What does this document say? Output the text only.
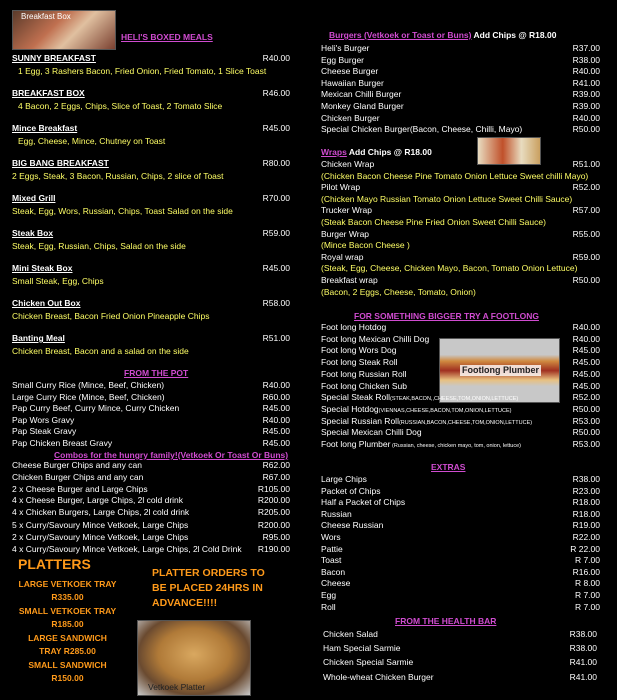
Breakfast Box
HELI'S BOXED MEALS
SUNNY BREAKFAST	R40.00
1 Egg, 3 Rashers Bacon, Fried Onion, Fried Tomato, 1 Slice Toast
BREAKFAST BOX	R46.00
4 Bacon, 2 Eggs, Chips, Slice of Toast, 2 Tomato Slice
Mince Breakfast	R45.00
Egg, Cheese, Mince, Chutney on Toast
BIG BANG BREAKFAST	R80.00
2 Eggs, Steak, 3 Bacon, Russian, Chips, 2 slice of Toast
Mixed Grill	R70.00
Steak, Egg, Wors, Russian, Chips, Toast Salad on the side
Steak Box	R59.00
Steak, Egg, Russian, Chips, Salad on the side
Mini Steak Box	R45.00
Small Steak, Egg, Chips
Chicken Out Box	R58.00
Chicken Breast, Bacon Fried Onion Pineapple Chips
Banting Meal	R51.00
Chicken Breast, Bacon and a salad on the side
FROM THE POT
Small Curry Rice (Mince, Beef, Chicken)	R40.00
Large Curry Rice (Mince, Beef, Chicken)	R60.00
Pap Curry Beef, Curry Mince, Curry Chicken	R45.00
Pap Wors Gravy	R40.00
Pap Steak Gravy	R45.00
Pap Chicken Breast Gravy	R45.00
Combos for the hungry family!(Vetkoek Or Toast Or Buns)
Cheese Burger Chips and any can	R62.00
Chicken Burger Chips and any can	R67.00
2 x Cheese Burger and Large Chips	R105.00
4 x Cheese Burger, Large Chips, 2l cold drink	R200.00
4 x Chicken Burgers, Large Chips, 2l cold drink	R205.00
5 x Curry/Savoury Mince Vetkoek, Large Chips	R200.00
2 x Curry/Savoury Mince Vetkoek, Large Chips	R95.00
4 x Curry/Savoury Mince Vetkoek, Large Chips, 2l Cold Drink R190.00
PLATTERS
LARGE VETKOEK TRAY
R335.00
SMALL VETKOEK TRAY
R185.00
LARGE SANDWICH
TRAY R285.00
SMALL SANDWICH
R150.00
PLATTER ORDERS TO
BE PLACED 24HRS IN
ADVANCE!!!!
Vetkoek Platter
Burgers (Vetkoek or Toast or Buns) Add Chips @ R18.00
Heli's Burger	R37.00
Egg Burger	R38.00
Cheese Burger	R40.00
Hawaiian Burger	R41.00
Mexican Chilli Burger	R39.00
Monkey Gland Burger	R39.00
Chicken Burger	R40.00
Special Chicken Burger(Bacon, Cheese, Chilli, Mayo)	R50.00
Wraps Add Chips @ R18.00
Chicken Wrap	R51.00
(Chicken Bacon Cheese Pine Tomato Onion Lettuce Sweet chilli Mayo)
Pilot Wrap	R52.00
(Chicken Mayo Russian Tomato Onion Lettuce Sweet Chilli Sauce)
Trucker Wrap	R57.00
(Steak Bacon Cheese Pine Fried Onion Sweet Chilli Sauce)
Burger Wrap	R55.00
(Mince Bacon Cheese )
Royal wrap	R59.00
(Steak, Egg, Cheese, Chicken Mayo, Bacon, Tomato Onion Lettuce)
Breakfast wrap	R50.00
(Bacon, 2 Eggs, Cheese, Tomato, Onion)
FOR SOMETHING BIGGER TRY A FOOTLONG
Footlong Plumber
Foot long Hotdog	R40.00
Foot long Mexican Chilli Dog	R40.00
Foot long Wors Dog	R45.00
Foot long Steak Roll	R45.00
Foot long Russian Roll	R45.00
Foot long Chicken Sub	R45.00
Special Steak Roll(STEAK,BACON,,CHEESE,TOM,ONION,LETTUCE)	R52.00
Special Hotdog(VIENNAS,CHEESE,BACON,TOM,ONION,LETTUCE)	R50.00
Special Russian Roll(RUSSIAN,BACON,CHEESE,TOM,ONION,LETTUCE)	R53.00
Special Mexican Chilli Dog	R50.00
Foot long Plumber (Russian, cheese, chicken mayo, tom, onion, lettuce)	R53.00
EXTRAS
Large Chips	R38.00
Packet of Chips	R23.00
Half a Packet of Chips	R18.00
Russian	R18.00
Cheese Russian	R19.00
Wors	R22.00
Pattie	R 22.00
Toast	R 7.00
Bacon	R16.00
Cheese	R 8.00
Egg	R 7.00
Roll	R 7.00
FROM THE HEALTH BAR
Chicken Salad	R38.00
Ham Special Sarmie	R38.00
Chicken Special Sarmie	R41.00
Whole-wheat Chicken Burger	R41.00
